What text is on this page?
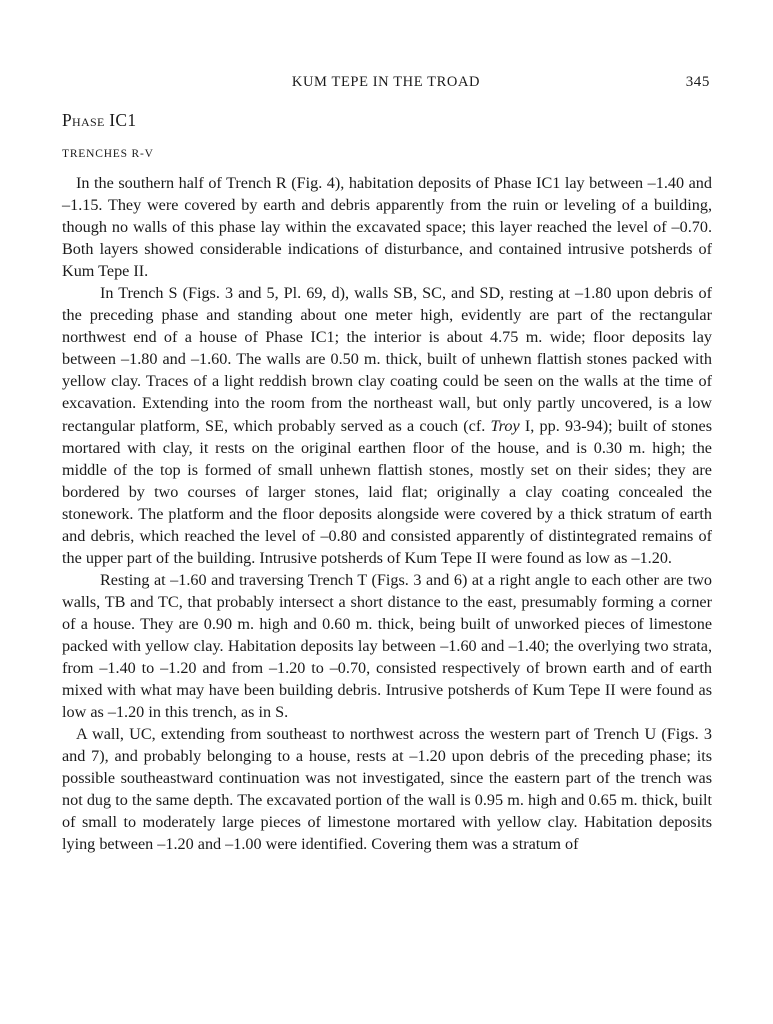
KUM TEPE IN THE TROAD	345
Phase IC1
TRENCHES R-V

In the southern half of Trench R (Fig. 4), habitation deposits of Phase IC1 lay between –1.40 and –1.15. They were covered by earth and debris apparently from the ruin or leveling of a building, though no walls of this phase lay within the excavated space; this layer reached the level of –0.70. Both layers showed considerable indications of disturbance, and contained intrusive potsherds of Kum Tepe II.

In Trench S (Figs. 3 and 5, Pl. 69, d), walls SB, SC, and SD, resting at –1.80 upon debris of the preceding phase and standing about one meter high, evidently are part of the rectangular northwest end of a house of Phase IC1; the interior is about 4.75 m. wide; floor deposits lay between –1.80 and –1.60. The walls are 0.50 m. thick, built of unhewn flattish stones packed with yellow clay. Traces of a light reddish brown clay coating could be seen on the walls at the time of excavation. Extending into the room from the northeast wall, but only partly uncovered, is a low rectangular platform, SE, which probably served as a couch (cf. Troy I, pp. 93-94); built of stones mortared with clay, it rests on the original earthen floor of the house, and is 0.30 m. high; the middle of the top is formed of small unhewn flattish stones, mostly set on their sides; they are bordered by two courses of larger stones, laid flat; originally a clay coating concealed the stonework. The platform and the floor deposits alongside were covered by a thick stratum of earth and debris, which reached the level of –0.80 and consisted apparently of distintegrated remains of the upper part of the building. Intrusive potsherds of Kum Tepe II were found as low as –1.20.

Resting at –1.60 and traversing Trench T (Figs. 3 and 6) at a right angle to each other are two walls, TB and TC, that probably intersect a short distance to the east, presumably forming a corner of a house. They are 0.90 m. high and 0.60 m. thick, being built of unworked pieces of limestone packed with yellow clay. Habitation deposits lay between –1.60 and –1.40; the overlying two strata, from –1.40 to –1.20 and from –1.20 to –0.70, consisted respectively of brown earth and of earth mixed with what may have been building debris. Intrusive potsherds of Kum Tepe II were found as low as –1.20 in this trench, as in S.

A wall, UC, extending from southeast to northwest across the western part of Trench U (Figs. 3 and 7), and probably belonging to a house, rests at –1.20 upon debris of the preceding phase; its possible southeastward continuation was not investigated, since the eastern part of the trench was not dug to the same depth. The excavated portion of the wall is 0.95 m. high and 0.65 m. thick, built of small to moderately large pieces of limestone mortared with yellow clay. Habitation deposits lying between –1.20 and –1.00 were identified. Covering them was a stratum of
